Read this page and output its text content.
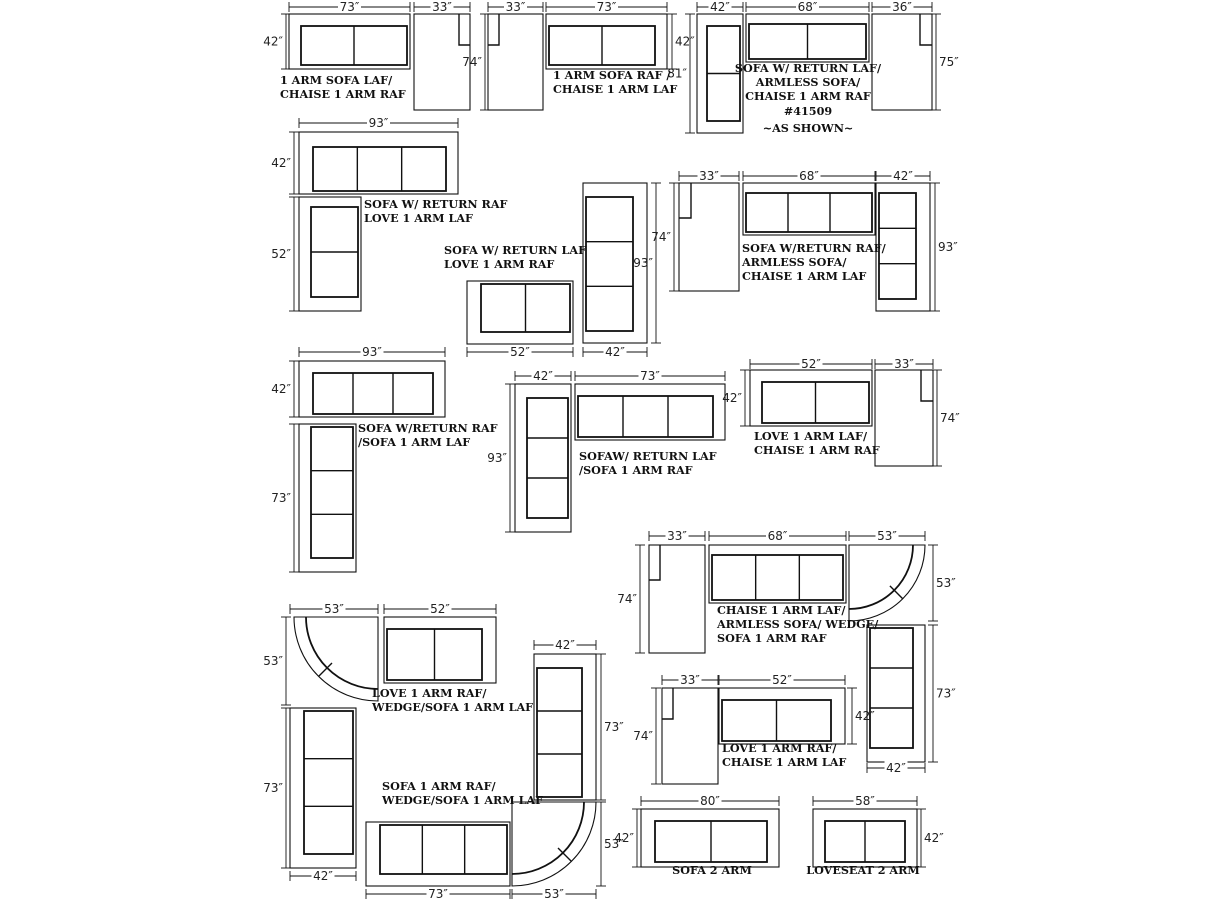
73″	33″
42″
33″	73″
74″
42″
42″	68″	36″
81″
75″
93″
42″
52″
52″	42″
93″
33″	68″	42″
74″
93″
93″
42″
73″
42″	73″
93″
52″	33″
42″
74″
33″	68″	53″
74″
53″
73″
42″
33″	52″
74″
42″
53″	52″
53″
73″
42″
42″
73″
53″
73″	53″
80″
42″
58″
42″
1 ARM SOFA LAF/ CHAISE 1 ARM RAF
1 ARM SOFA RAF / CHAISE 1 ARM LAF
SOFA W/ RETURN LAF/ ARMLESS SOFA/ CHAISE 1 ARM RAF
#41509
~AS SHOWN~
SOFA W/ RETURN RAF LOVE 1 ARM LAF
SOFA W/ RETURN LAF LOVE 1 ARM RAF
SOFA W/RETURN RAF/ ARMLESS SOFA/ CHAISE 1 ARM LAF
SOFA W/RETURN RAF /SOFA 1 ARM LAF
SOFAW/ RETURN LAF /SOFA 1 ARM RAF
LOVE 1 ARM LAF/ CHAISE 1 ARM RAF
CHAISE 1 ARM LAF/ ARMLESS SOFA/ WEDGE/ SOFA 1 ARM RAF
LOVE 1 ARM RAF/ CHAISE 1 ARM LAF
LOVE 1 ARM RAF/ WEDGE/SOFA 1 ARM LAF
SOFA 1 ARM RAF/ WEDGE/SOFA 1 ARM LAF
SOFA 2 ARM	LOVESEAT 2 ARM
